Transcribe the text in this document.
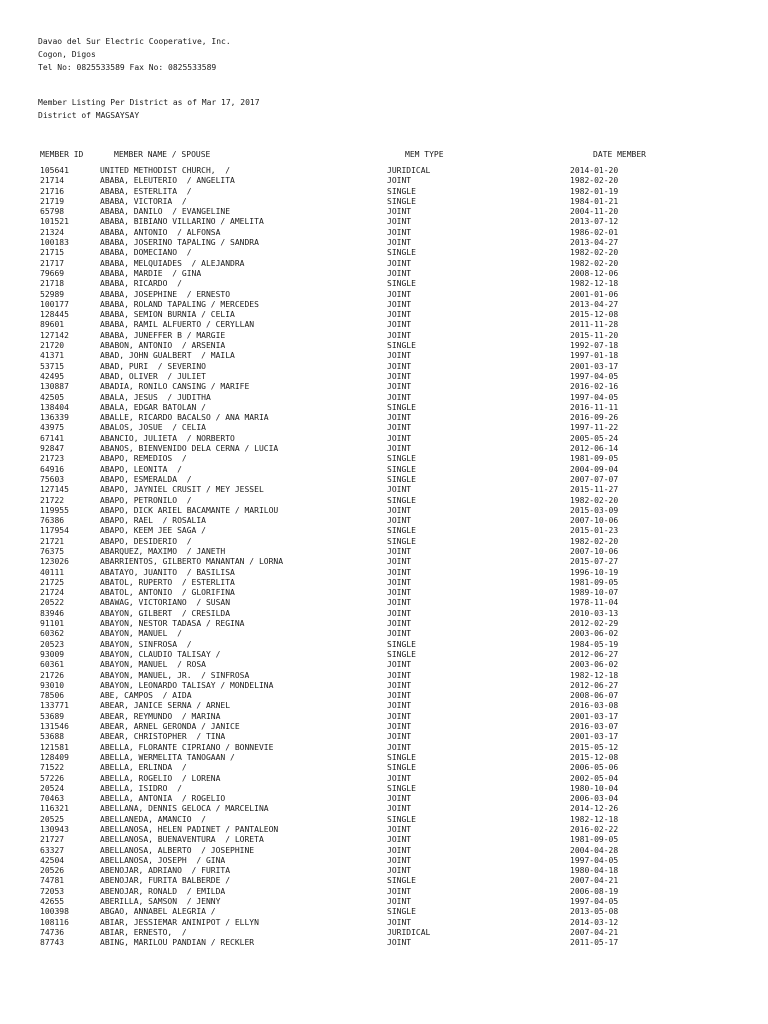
Davao del Sur Electric Cooperative, Inc.
Cogon, Digos
Tel No: 0825533589 Fax No: 0825533589
Member Listing Per District as of Mar 17, 2017
District of MAGSAYSAY
MEMBER ID	MEMBER NAME / SPOUSE	MEM TYPE	DATE MEMBER
105641	UNITED METHODIST CHURCH,  /	JURIDICAL	2014-01-20
21714	ABABA, ELEUTERIO  / ANGELITA	JOINT	1982-02-20
21716	ABABA, ESTERLITA  /	SINGLE	1982-01-19
21719	ABABA, VICTORIA  /	SINGLE	1984-01-21
65798	ABABA, DANILO  / EVANGELINE	JOINT	2004-11-20
101521	ABABA, BIBIANO VILLARINO / AMELITA	JOINT	2013-07-12
21324	ABABA, ANTONIO  / ALFONSA	JOINT	1986-02-01
100183	ABABA, JOSERINO TAPALING / SANDRA	JOINT	2013-04-27
21715	ABABA, DOMECIANO  /	SINGLE	1982-02-20
21717	ABABA, MELQUIADES  / ALEJANDRA	JOINT	1982-02-20
79669	ABABA, MARDIE  / GINA	JOINT	2008-12-06
21718	ABABA, RICARDO  /	SINGLE	1982-12-18
52989	ABABA, JOSEPHINE  / ERNESTO	JOINT	2001-01-06
100177	ABABA, ROLAND TAPALING / MERCEDES	JOINT	2013-04-27
128445	ABABA, SEMION BURNIA / CELIA	JOINT	2015-12-08
89601	ABABA, RAMIL ALFUERTO / CERYLLAN	JOINT	2011-11-28
127142	ABABA, JUNEFFER B / MARGIE	JOINT	2015-11-20
21720	ABABON, ANTONIO  / ARSENIA	SINGLE	1992-07-18
41371	ABAD, JOHN GUALBERT  / MAILA	JOINT	1997-01-18
53715	ABAD, PURI  / SEVERINO	JOINT	2001-03-17
42495	ABAD, OLIVER  / JULIET	JOINT	1997-04-05
130887	ABADIA, RONILO CANSING / MARIFE	JOINT	2016-02-16
42505	ABALA, JESUS  / JUDITHA	JOINT	1997-04-05
138404	ABALA, EDGAR BATOLAN /	SINGLE	2016-11-11
136339	ABALLE, RICARDO BACALSO / ANA MARIA	JOINT	2016-09-26
43975	ABALOS, JOSUE  / CELIA	JOINT	1997-11-22
67141	ABANCIO, JULIETA  / NORBERTO	JOINT	2005-05-24
92847	ABANOS, BIENVENIDO DELA CERNA / LUCIA	JOINT	2012-06-14
21723	ABAPO, REMEDIOS  /	SINGLE	1981-09-05
64916	ABAPO, LEONITA  /	SINGLE	2004-09-04
75603	ABAPO, ESMERALDA  /	SINGLE	2007-07-07
127145	ABAPO, JAYNIEL CRUSIT / MEY JESSEL	JOINT	2015-11-27
21722	ABAPO, PETRONILO  /	SINGLE	1982-02-20
119955	ABAPO, DICK ARIEL BACAMANTE / MARILOU	JOINT	2015-03-09
76386	ABAPO, RAEL  / ROSALIA	JOINT	2007-10-06
117954	ABAPO, KEEM JEE SAGA /	SINGLE	2015-01-23
21721	ABAPO, DESIDERIO  /	SINGLE	1982-02-20
76375	ABARQUEZ, MAXIMO  / JANETH	JOINT	2007-10-06
123026	ABARRIENTOS, GILBERTO MANANTAN / LORNA	JOINT	2015-07-27
40111	ABATAYO, JUANITO  / BASILISA	JOINT	1996-10-19
21725	ABATOL, RUPERTO  / ESTERLITA	JOINT	1981-09-05
21724	ABATOL, ANTONIO  / GLORIFINA	JOINT	1989-10-07
20522	ABAWAG, VICTORIANO  / SUSAN	JOINT	1978-11-04
83946	ABAYON, GILBERT  / CRESILDA	JOINT	2010-03-13
91101	ABAYON, NESTOR TADASA / REGINA	JOINT	2012-02-29
60362	ABAYON, MANUEL  /	JOINT	2003-06-02
20523	ABAYON, SINFROSA  /	SINGLE	1984-05-19
93009	ABAYON, CLAUDIO TALISAY /	SINGLE	2012-06-27
60361	ABAYON, MANUEL  / ROSA	JOINT	2003-06-02
21726	ABAYON, MANUEL, JR.  / SINFROSA	JOINT	1982-12-18
93010	ABAYON, LEONARDO TALISAY / MONDELINA	JOINT	2012-06-27
78506	ABE, CAMPOS  / AIDA	JOINT	2008-06-07
133771	ABEAR, JANICE SERNA / ARNEL	JOINT	2016-03-08
53689	ABEAR, REYMUNDO  / MARINA	JOINT	2001-03-17
131546	ABEAR, ARNEL GERONDA / JANICE	JOINT	2016-03-07
53688	ABEAR, CHRISTOPHER  / TINA	JOINT	2001-03-17
121581	ABELLA, FLORANTE CIPRIANO / BONNEVIE	JOINT	2015-05-12
128409	ABELLA, WERMELITA TANOGAAN /	SINGLE	2015-12-08
71522	ABELLA, ERLINDA  /	SINGLE	2006-05-06
57226	ABELLA, ROGELIO  / LORENA	JOINT	2002-05-04
20524	ABELLA, ISIDRO  /	SINGLE	1980-10-04
70463	ABELLA, ANTONIA  / ROGELIO	JOINT	2006-03-04
116321	ABELLANA, DENNIS GELOCA / MARCELINA	JOINT	2014-12-26
20525	ABELLANEDA, AMANCIO  /	SINGLE	1982-12-18
130943	ABELLANOSA, HELEN PADINET / PANTALEON	JOINT	2016-02-22
21727	ABELLANOSA, BUENAVENTURA  / LORETA	JOINT	1981-09-05
63327	ABELLANOSA, ALBERTO  / JOSEPHINE	JOINT	2004-04-28
42504	ABELLANOSA, JOSEPH  / GINA	JOINT	1997-04-05
20526	ABENOJAR, ADRIANO  / FURITA	JOINT	1980-04-18
74781	ABENOJAR, FURITA BALBERDE /	SINGLE	2007-04-21
72053	ABENOJAR, RONALD  / EMILDA	JOINT	2006-08-19
42655	ABERILLA, SAMSON  / JENNY	JOINT	1997-04-05
100398	ABGAO, ANNABEL ALEGRIA /	SINGLE	2013-05-08
108116	ABIAR, JESSIEMAR ANINIPOT / ELLYN	JOINT	2014-03-12
74736	ABIAR, ERNESTO,  /	JURIDICAL	2007-04-21
87743	ABING, MARILOU PANDIAN / RECKLER	JOINT	2011-05-17
